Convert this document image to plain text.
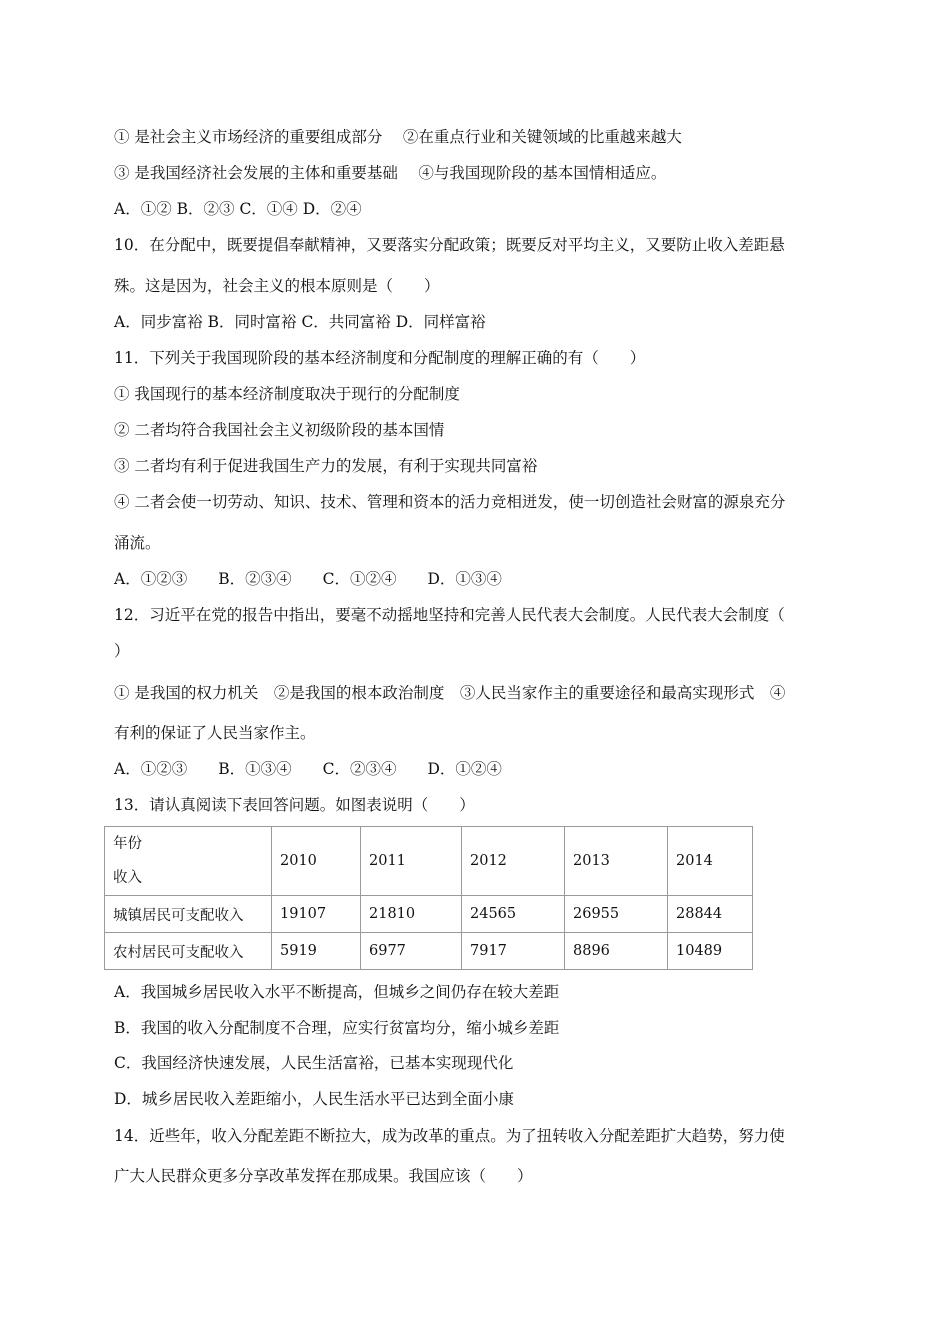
① 是社会主义市场经济的重要组成部分 　②在重点行业和关键领域的比重越来越大
③ 是我国经济社会发展的主体和重要基础 　④与我国现阶段的基本国情相适应。
A．①② B．②③ C．①④ D．②④
10．在分配中，既要提倡奉献精神，又要落实分配政策；既要反对平均主义，又要防止收入差距悬
殊。这是因为，社会主义的根本原则是（　　）
A．同步富裕 B．同时富裕 C．共同富裕 D．同样富裕
11．下列关于我国现阶段的基本经济制度和分配制度的理解正确的有（　　）
① 我国现行的基本经济制度取决于现行的分配制度
② 二者均符合我国社会主义初级阶段的基本国情
③ 二者均有利于促进我国生产力的发展，有利于实现共同富裕
④ 二者会使一切劳动、知识、技术、管理和资本的活力竞相迸发，使一切创造社会财富的源泉充分
涌流。
A．①②③　　B．②③④　　C．①②④　　D．①③④
12．习近平在党的报告中指出，要毫不动摇地坚持和完善人民代表大会制度。人民代表大会制度（
）
① 是我国的权力机关　②是我国的根本政治制度　③人民当家作主的重要途径和最高实现形式　④
有利的保证了人民当家作主。
A．①②③　　B．①③④　　C．②③④　　D．①②④
13．请认真阅读下表回答问题。如图表说明（　　）
年份
收入	2010	2011	2012	2013	2014
城镇居民可支配收入	19107	21810	24565	26955	28844
农村居民可支配收入	5919	6977	7917	8896	10489
A．我国城乡居民收入水平不断提高，但城乡之间仍存在较大差距
B．我国的收入分配制度不合理，应实行贫富均分，缩小城乡差距
C．我国经济快速发展，人民生活富裕，已基本实现现代化
D．城乡居民收入差距缩小，人民生活水平已达到全面小康
14．近些年，收入分配差距不断拉大，成为改革的重点。为了扭转收入分配差距扩大趋势，努力使
广大人民群众更多分享改革发挥在那成果。我国应该（　　）
